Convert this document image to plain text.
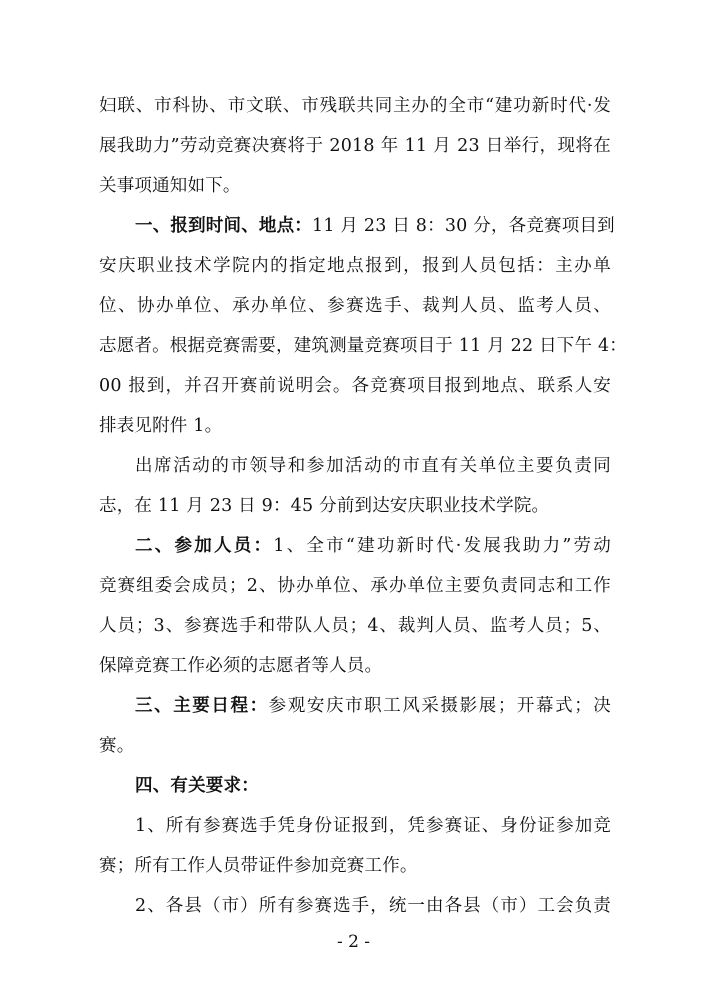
妇联、市科协、市文联、市残联共同主办的全市“建功新时代·发
展我助力”劳动竞赛决赛将于 2018 年 11 月 23 日举行，现将在
关事项通知如下。
一、报到时间、地点：11 月 23 日 8：30 分，各竞赛项目到
安庆职业技术学院内的指定地点报到，报到人员包括：主办单
位、协办单位、承办单位、参赛选手、裁判人员、监考人员、
志愿者。根据竞赛需要，建筑测量竞赛项目于 11 月 22 日下午 4：
00 报到，并召开赛前说明会。各竞赛项目报到地点、联系人安
排表见附件 1。
出席活动的市领导和参加活动的市直有关单位主要负责同
志，在 11 月 23 日 9：45 分前到达安庆职业技术学院。
二、参加人员：1、全市“建功新时代·发展我助力”劳动
竞赛组委会成员；2、协办单位、承办单位主要负责同志和工作
人员；3、参赛选手和带队人员；4、裁判人员、监考人员；5、
保障竞赛工作必须的志愿者等人员。
三、主要日程：参观安庆市职工风采摄影展；开幕式；决
赛。
四、有关要求：
1、所有参赛选手凭身份证报到，凭参赛证、身份证参加竞
赛；所有工作人员带证件参加竞赛工作。
2、各县（市）所有参赛选手，统一由各县（市）工会负责
- 2 -
